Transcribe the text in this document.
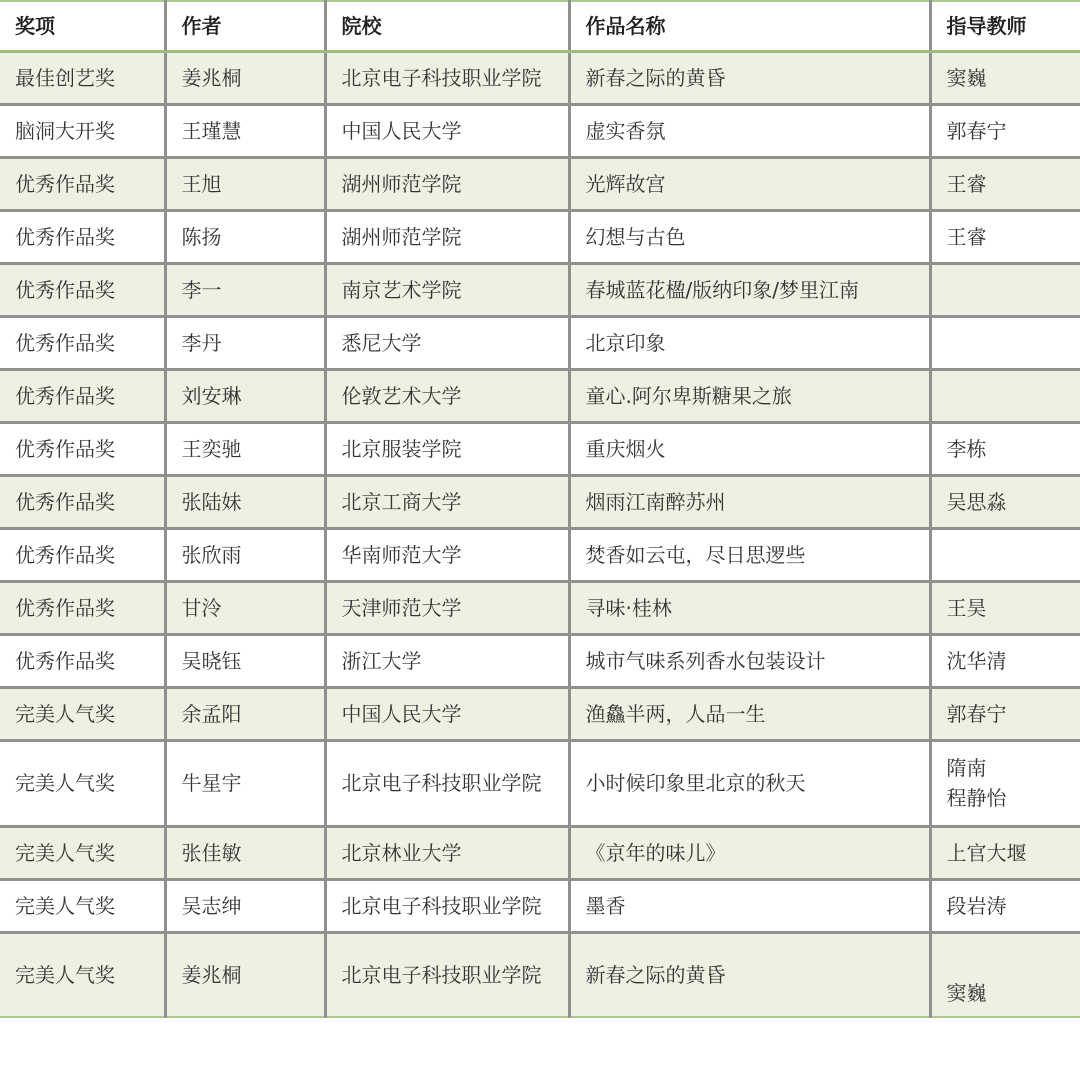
奖项	作者	院校	作品名称	指导教师
最佳创艺奖	姜兆桐	北京电子科技职业学院	新春之际的黄昏	窦巍

脑洞大开奖	王瑾慧	中国人民大学	虚实香氛	郭春宁

优秀作品奖	王旭	湖州师范学院	光辉故宫	王睿

优秀作品奖	陈扬	湖州师范学院	幻想与古色	王睿

优秀作品奖	李一	南京艺术学院	春城蓝花楹/版纳印象/梦里江南	
优秀作品奖	李丹	悉尼大学	北京印象	
优秀作品奖	刘安琳	伦敦艺术大学	童心.阿尔卑斯糖果之旅	
优秀作品奖	王奕驰	北京服装学院	重庆烟火	李栋

优秀作品奖	张陆妹	北京工商大学	烟雨江南醉苏州	吴思淼

优秀作品奖	张欣雨	华南师范大学	焚香如云屯，尽日思逻些	
优秀作品奖	甘泠	天津师范大学	寻味·桂林	王昊

优秀作品奖	吴晓钰	浙江大学	城市气味系列香水包装设计	沈华清

完美人气奖	余孟阳	中国人民大学	渔鱻半两，人品一生	郭春宁

完美人气奖	牛星宇	北京电子科技职业学院	小时候印象里北京的秋天	隋南
程静怡

完美人气奖	张佳敏	北京林业大学	《京年的味儿》	上官大堰

完美人气奖	吴志绅	北京电子科技职业学院	墨香	段岩涛

完美人气奖	姜兆桐	北京电子科技职业学院	新春之际的黄昏	窦巍
